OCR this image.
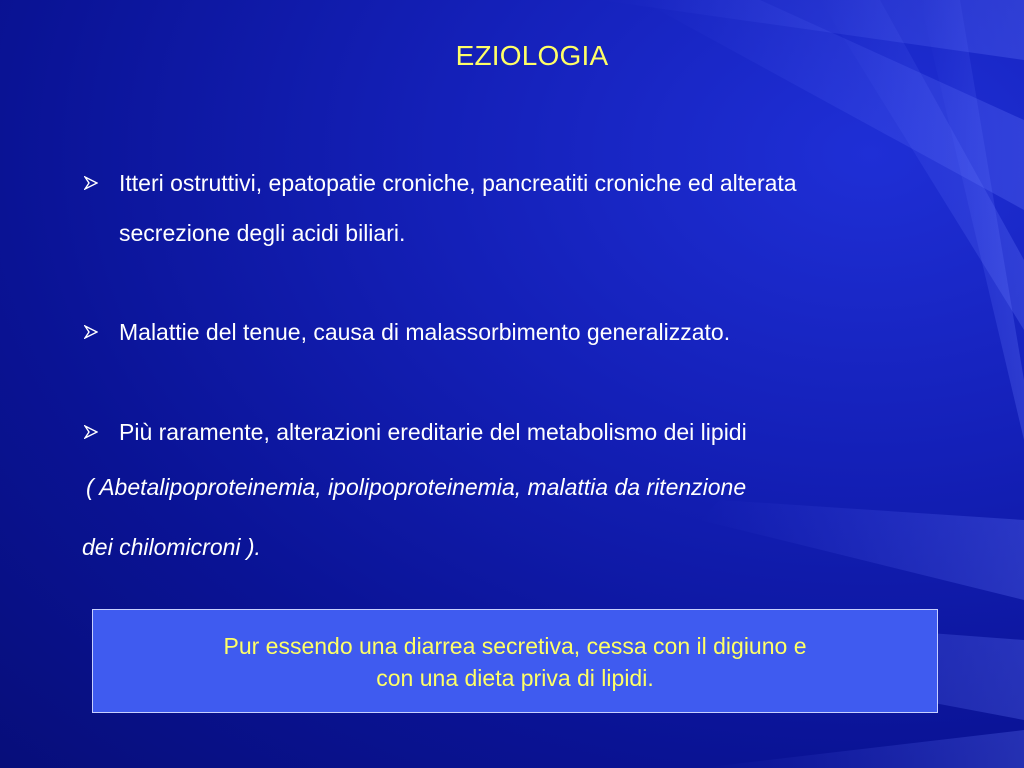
EZIOLOGIA
Itteri ostruttivi, epatopatie croniche, pancreatiti croniche ed alterata
secrezione degli acidi biliari.
Malattie del tenue, causa di malassorbimento generalizzato.
Più raramente, alterazioni ereditarie del metabolismo dei lipidi
( Abetalipoproteinemia, ipolipoproteinemia, malattia da ritenzione
dei chilomicroni ).
Pur essendo una diarrea secretiva, cessa con il digiuno e
con una dieta priva di lipidi.
